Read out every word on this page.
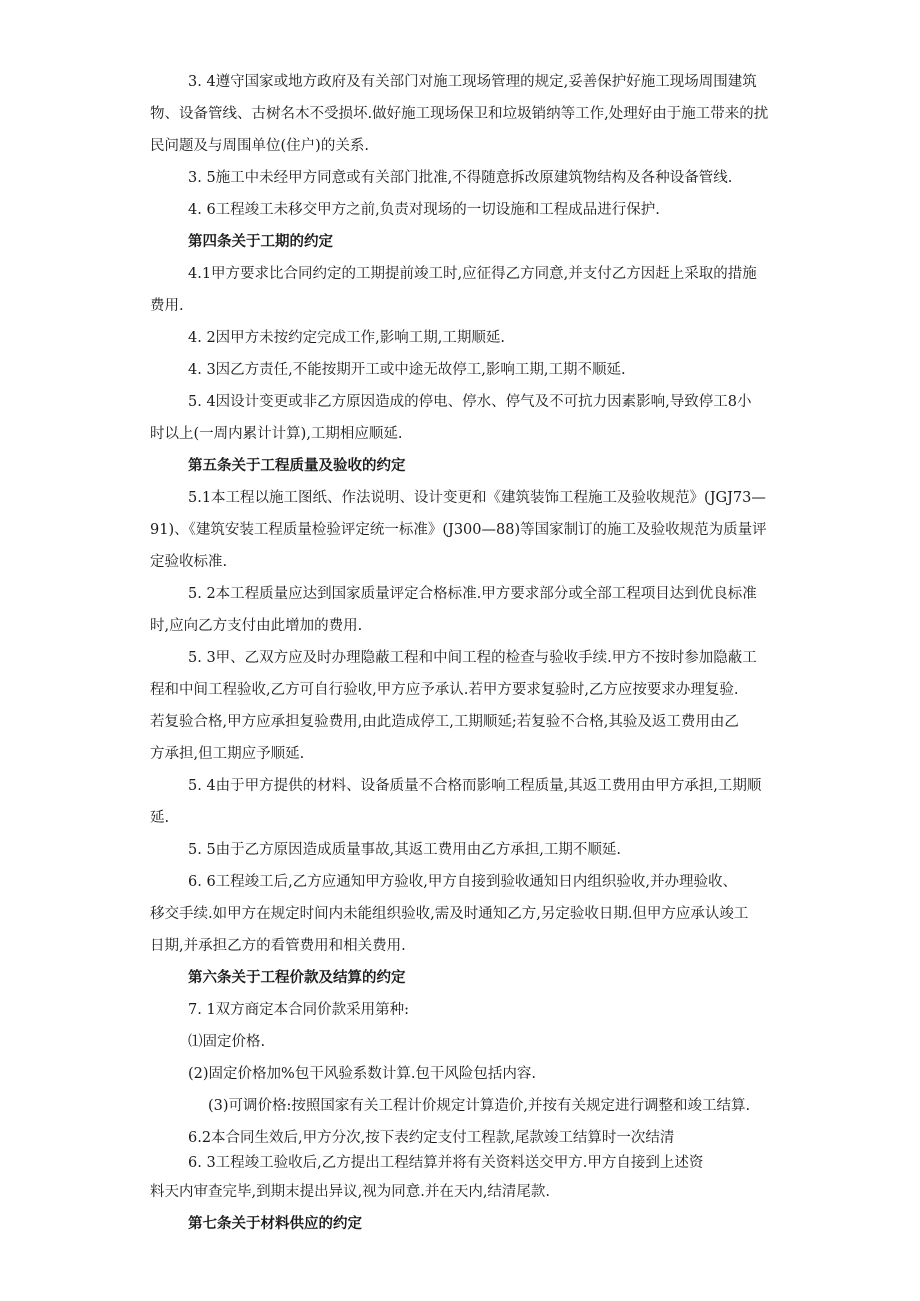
3. 4遵守国家或地方政府及有关部门对施工现场管理的规定,妥善保护好施工现场周围建筑
物、设备管线、古树名木不受损坏.做好施工现场保卫和垃圾销纳等工作,处理好由于施工带来的扰
民问题及与周围单位(住户)的关系.
3. 5施工中未经甲方同意或有关部门批准,不得随意拆改原建筑物结构及各种设备管线.
4. 6工程竣工未移交甲方之前,负责对现场的一切设施和工程成品进行保护.
第四条关于工期的约定
4.1甲方要求比合同约定的工期提前竣工时,应征得乙方同意,并支付乙方因赶上采取的措施
费用.
4. 2因甲方未按约定完成工作,影响工期,工期顺延.
4. 3因乙方责任,不能按期开工或中途无故停工,影响工期,工期不顺延.
5. 4因设计变更或非乙方原因造成的停电、停水、停气及不可抗力因素影响,导致停工8小
时以上(一周内累计计算),工期相应顺延.
第五条关于工程质量及验收的约定
5.1本工程以施工图纸、作法说明、设计变更和《建筑装饰工程施工及验收规范》(JGJ73—
91)、《建筑安装工程质量检验评定统一标准》(J300—88)等国家制订的施工及验收规范为质量评
定验收标准.
5. 2本工程质量应达到国家质量评定合格标准.甲方要求部分或全部工程项目达到优良标准
时,应向乙方支付由此增加的费用.
5. 3甲、乙双方应及时办理隐蔽工程和中间工程的检查与验收手续.甲方不按时参加隐蔽工
程和中间工程验收,乙方可自行验收,甲方应予承认.若甲方要求复验时,乙方应按要求办理复验.
若复验合格,甲方应承担复验费用,由此造成停工,工期顺延;若复验不合格,其验及返工费用由乙
方承担,但工期应予顺延.
5. 4由于甲方提供的材料、设备质量不合格而影响工程质量,其返工费用由甲方承担,工期顺
延.
5. 5由于乙方原因造成质量事故,其返工费用由乙方承担,工期不顺延.
6. 6工程竣工后,乙方应通知甲方验收,甲方自接到验收通知日内组织验收,并办理验收、
移交手续.如甲方在规定时间内未能组织验收,需及时通知乙方,另定验收日期.但甲方应承认竣工
日期,并承担乙方的看管费用和相关费用.
第六条关于工程价款及结算的约定
7. 1双方商定本合同价款采用第种:
⑴固定价格.
(2)固定价格加%包干风验系数计算.包干风险包括内容.
(3)可调价格:按照国家有关工程计价规定计算造价,并按有关规定进行调整和竣工结算.
6.2本合同生效后,甲方分次,按下表约定支付工程款,尾款竣工结算时一次结清
6. 3工程竣工验收后,乙方提出工程结算并将有关资料送交甲方.甲方自接到上述资
料天内审查完毕,到期末提出异议,视为同意.并在天内,结清尾款.
第七条关于材料供应的约定
